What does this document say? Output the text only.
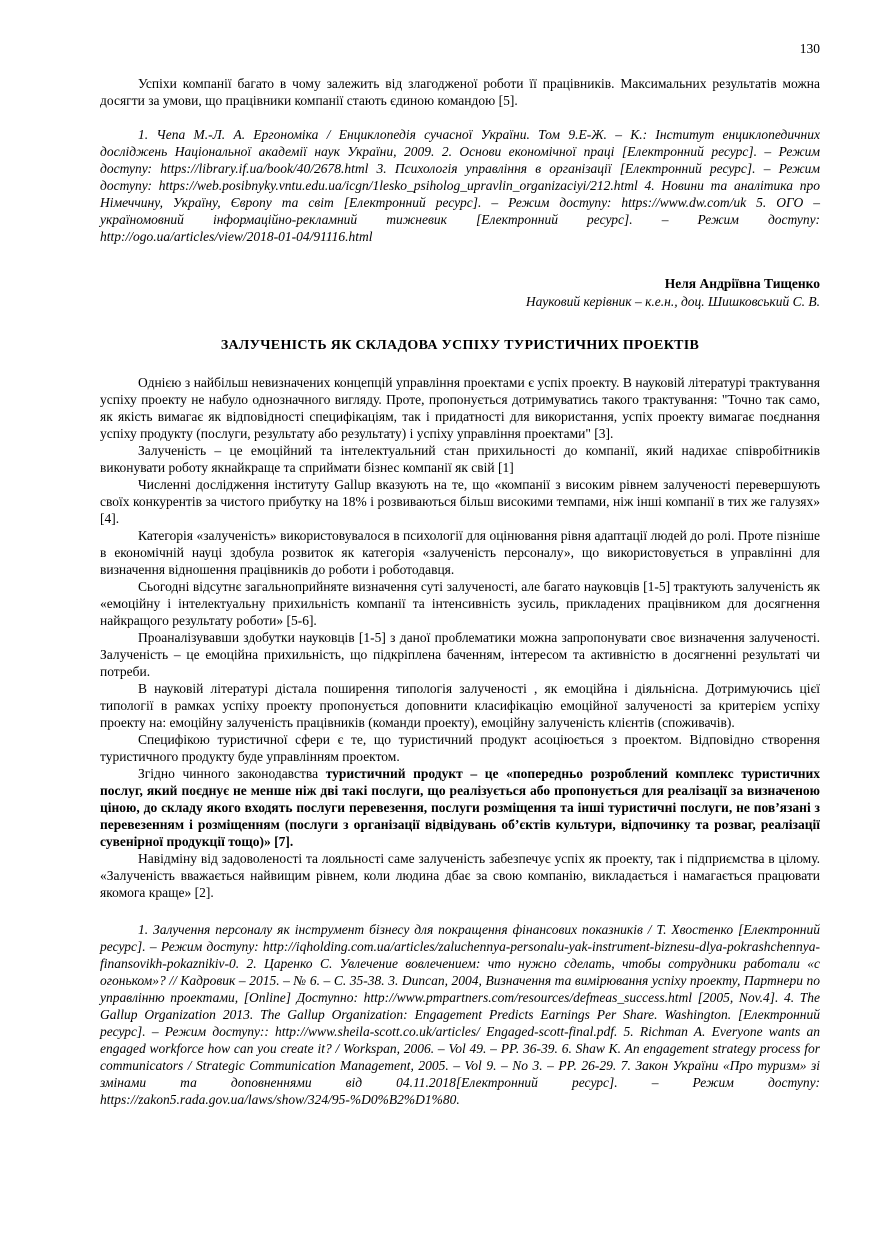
130

Успіхи компанії багато в чому залежить від злагодженої роботи її працівників. Максимальних результатів можна досягти за умови, що працівники компанії стають єдиною командою [5].

1. Чепа М.-Л. А. Ергономіка / Енциклопедія сучасної України. Том 9.Е-Ж. – К.: Інститут енциклопедичних досліджень Національної академії наук України, 2009. 2. Основи економічної праці [Електронний ресурс]. – Режим доступу: https://library.if.ua/book/40/2678.html 3. Психологія управління в організації [Електронний ресурс]. – Режим доступу: https://web.posibnyky.vntu.edu.ua/icgn/1lesko_psiholog_upravlin_organizaciyi/212.html 4. Новини та аналітика про Німеччину, Україну, Європу та світ [Електронний ресурс]. – Режим доступу: https://www.dw.com/uk 5. ОГО – україномовний інформаційно-рекламний тижневик [Електронний ресурс]. – Режим доступу: http://ogo.ua/articles/view/2018-01-04/91116.html

Неля Андріївна Тищенко
Науковий керівник – к.е.н., доц. Шишковський С. В.
ЗАЛУЧЕНІСТЬ ЯК СКЛАДОВА УСПІХУ ТУРИСТИЧНИХ ПРОЕКТІВ

Однією з найбільш невизначених концепцій управління проектами є успіх проекту. В науковій літературі трактування успіху проекту не набуло однозначного вигляду. Проте, пропонується дотримуватись такого трактування: "Точно так само, як якість вимагає як відповідності специфікаціям, так і придатності для використання, успіх проекту вимагає поєднання успіху продукту (послуги, результату або результату) і успіху управління проектами" [3].

Залученість – це емоційний та інтелектуальний стан прихильності до компанії, який надихає співробітників виконувати роботу якнайкраще та сприймати бізнес компанії як свій [1]

Численні дослідження інституту Gallup вказують на те, що «компанії з високим рівнем залученості перевершують своїх конкурентів за чистого прибутку на 18% і розвиваються більш високими темпами, ніж інші компанії в тих же галузях» [4].

Категорія «залученість» використовувалося в психології для оцінювання рівня адаптації людей до ролі. Проте пізніше в економічній науці здобула розвиток як категорія «залученість персоналу», що використовується в управлінні для визначення відношення працівників до роботи і роботодавця.

Сьогодні відсутнє загальноприйняте визначення суті залученості, але багато науковців [1-5] трактують залученість як «емоційну і інтелектуальну прихильність компанії та інтенсивність зусиль, прикладених працівником для досягнення найкращого результату роботи» [5-6].

Проаналізувавши здобутки науковців [1-5] з даної проблематики можна запропонувати своє визначення залученості. Залученість – це емоційна прихильність, що підкріплена баченням, інтересом та активністю в досягненні результаті чи потреби.

В науковій літературі дістала поширення типологія залученості , як емоційна і діяльнісна. Дотримуючись цієї типології в рамках успіху проекту пропонується доповнити класифікацію емоційної залученості за критерієм успіху проекту на: емоційну залученість працівників (команди проекту), емоційну залученість клієнтів (споживачів).

Специфікою туристичної сфери є те, що туристичний продукт асоціюється з проектом. Відповідно створення туристичного продукту буде управлінням проектом.

Згідно чинного законодавства туристичний продукт – це «попередньо розроблений комплекс туристичних послуг, який поєднує не менше ніж дві такі послуги, що реалізується або пропонується для реалізації за визначеною ціною, до складу якого входять послуги перевезення, послуги розміщення та інші туристичні послуги, не пов’язані з перевезенням і розміщенням (послуги з організації відвідувань об’єктів культури, відпочинку та розваг, реалізації сувенірної продукції тощо)» [7].

Навідміну від задоволеності та лояльності саме залученість забезпечує успіх як проекту, так і підприємства в цілому. «Залученість вважається найвищим рівнем, коли людина дбає за свою компанію, викладається і намагається працювати якомога краще» [2].

1. Залучення персоналу як інструмент бізнесу для покращення фінансових показників / Т. Хвостенко [Електронний ресурс]. – Режим доступу: http://iqholding.com.ua/articles/zaluchennya-personalu-yak-instrument-biznesu-dlya-pokrashchennya-finansovikh-pokaznikiv-0. 2. Царенко С. Увлечение вовлечением: что нужно сделать, чтобы сотрудники работали «с огоньком»? // Кадровик – 2015. – № 6. – С. 35-38. 3. Duncan, 2004, Визначення та вимірювання успіху проекту, Партнери по управлінню проектами, [Online] Доступно: http://www.pmpartners.com/resources/defmeas_success.html [2005, Nov.4]. 4. The Gallup Organization 2013. The Gallup Organization: Engagement Predicts Earnings Per Share. Washington. [Електронний ресурс]. – Режим доступу:: http://www.sheila-scott.co.uk/articles/ Engaged-scott-final.pdf. 5. Richman A. Everyone wants an engaged workforce how can you create it? / Workspan, 2006. – Vol 49. – РР. 36-39. 6. Shaw K. An engagement strategy process for communicators / Strategic Communication Management, 2005. – Vol 9. – No 3. – РР. 26-29. 7. Закон України «Про туризм» зі змінами та доповненнями від 04.11.2018[Електронний ресурс]. – Режим доступу: https://zakon5.rada.gov.ua/laws/show/324/95-%D0%B2%D1%80.
